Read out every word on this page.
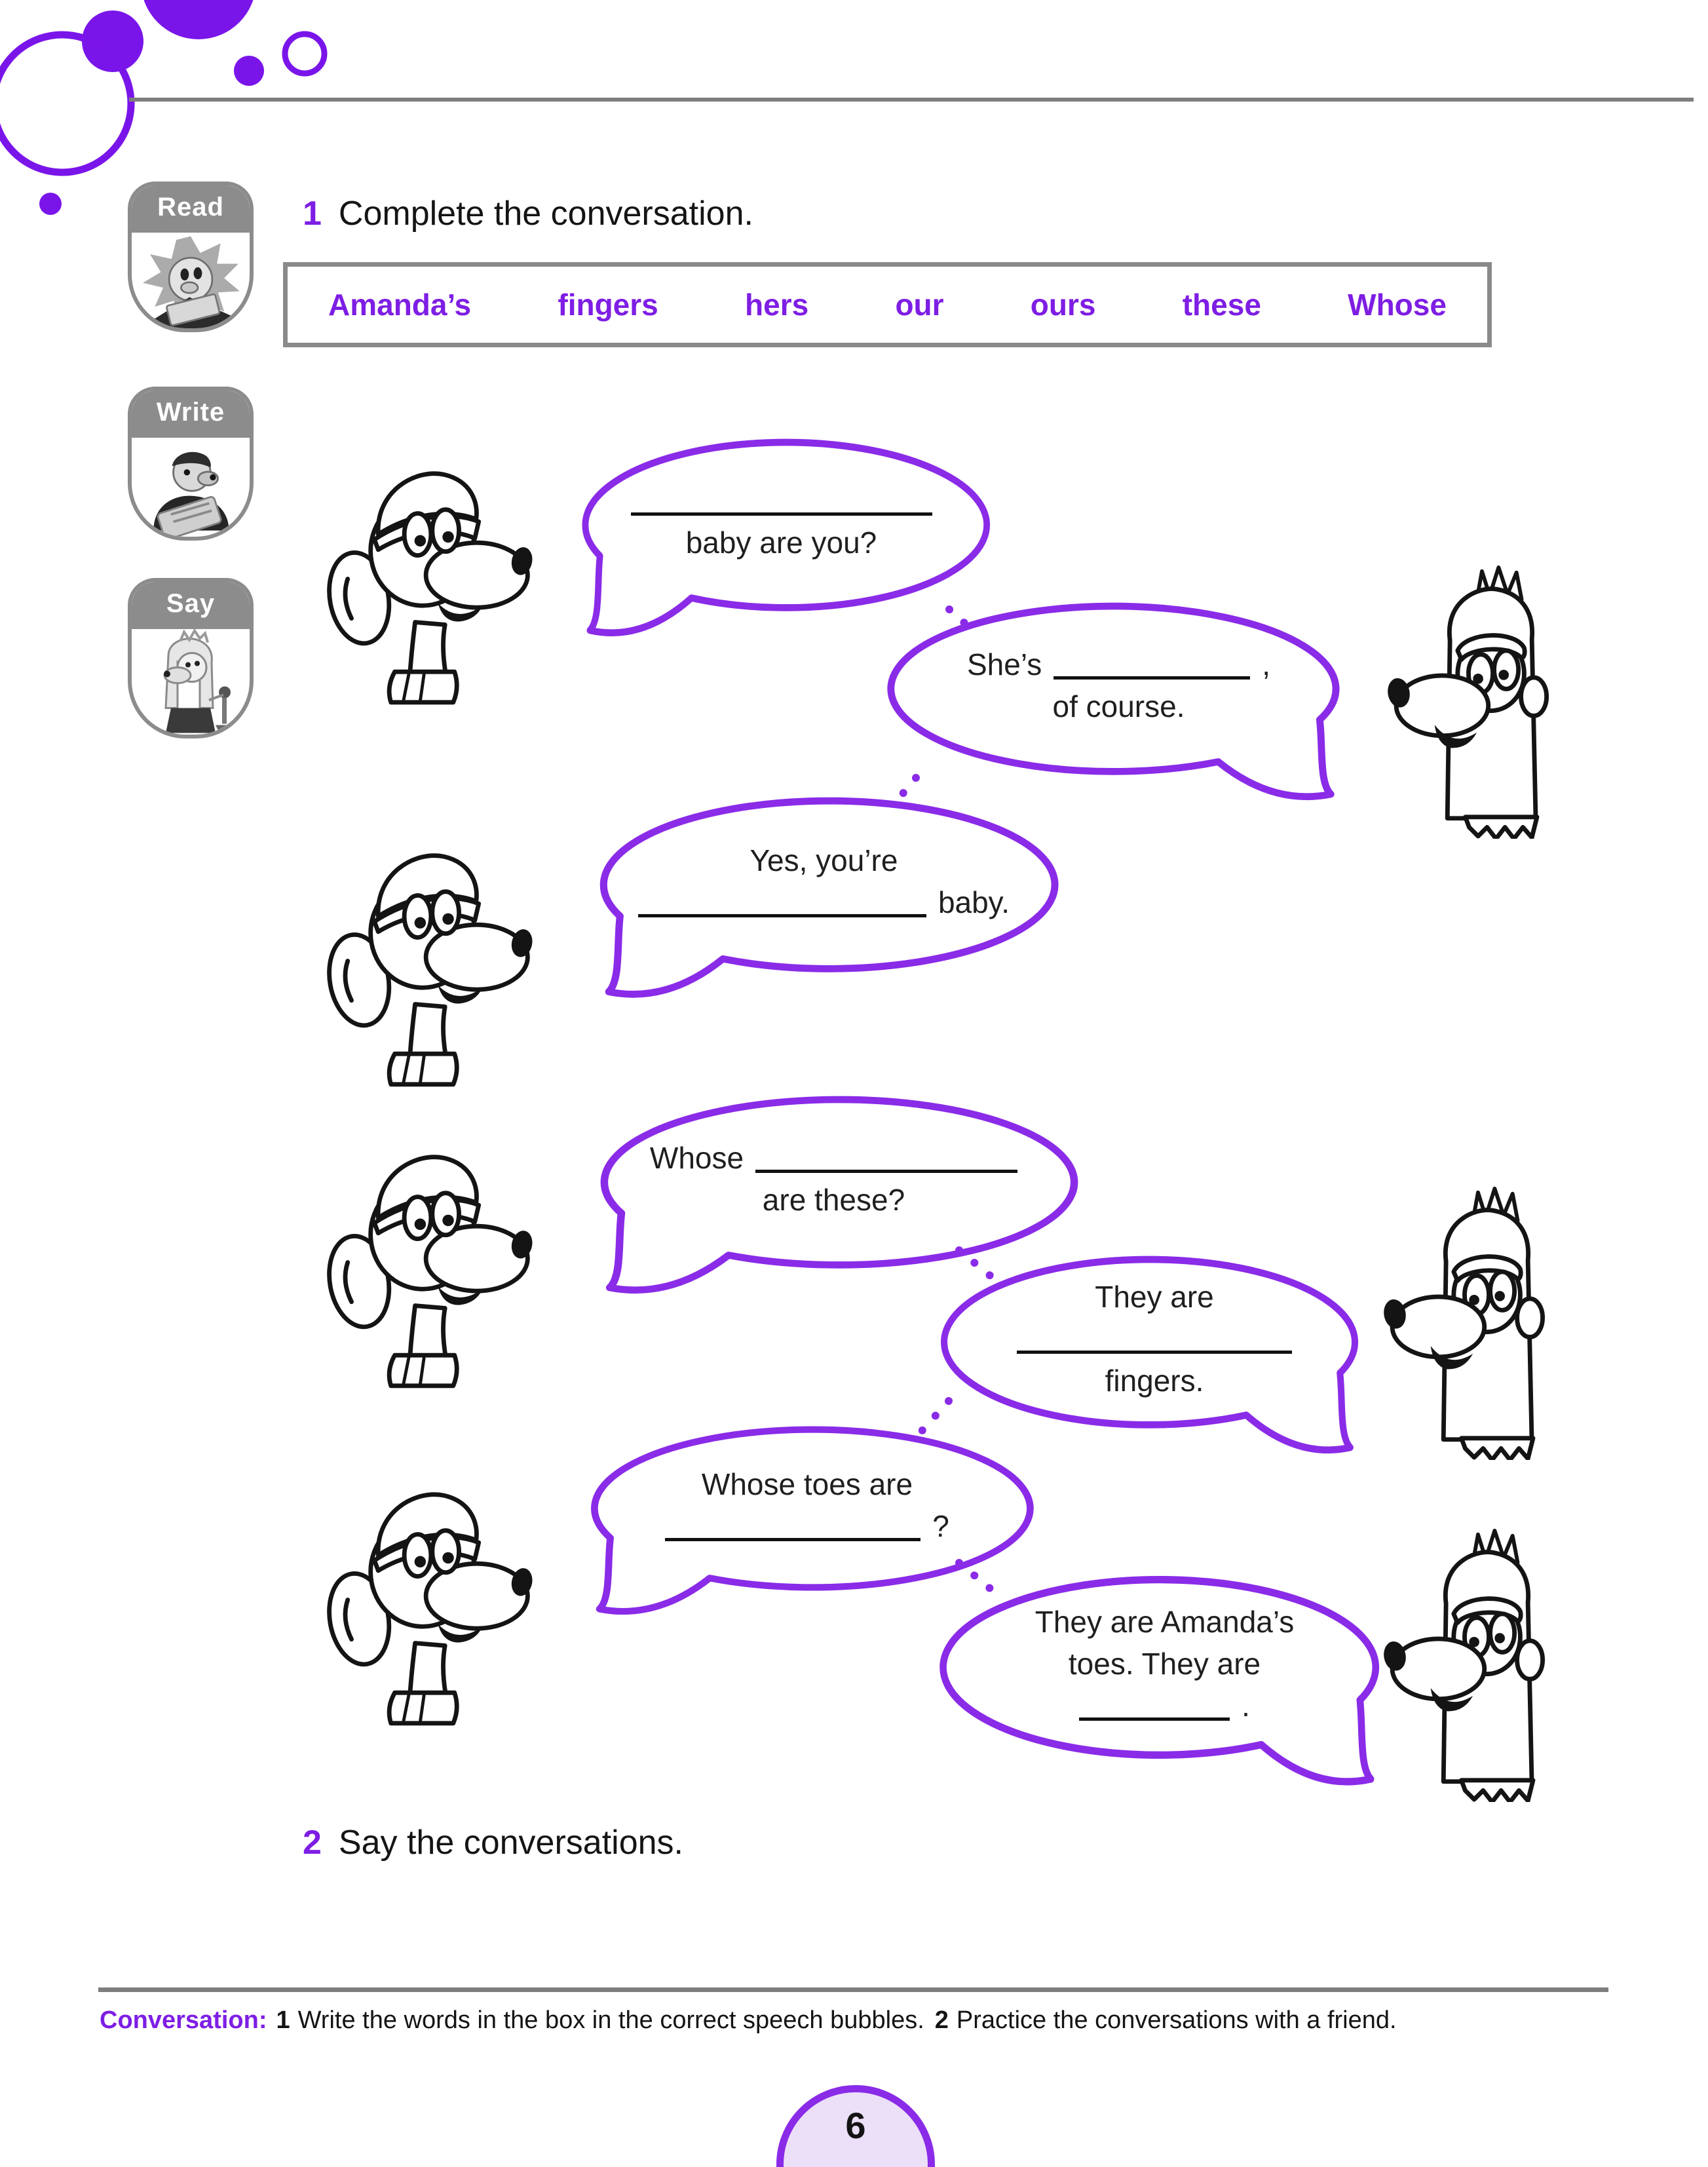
Read
Write
Say
1 Complete the conversation.
Amanda’s	fingers	hers	our	ours	these	Whose
baby are you?
She’s	,
of course.
Yes, you’re
baby.
Whose
are these?
They are
fingers.
Whose toes are
?
They are Amanda’s
toes. They are
.
2 Say the conversations.
Conversation: 1 Write the words in the box in the correct speech bubbles. 2 Practice the conversations with a friend.
6
